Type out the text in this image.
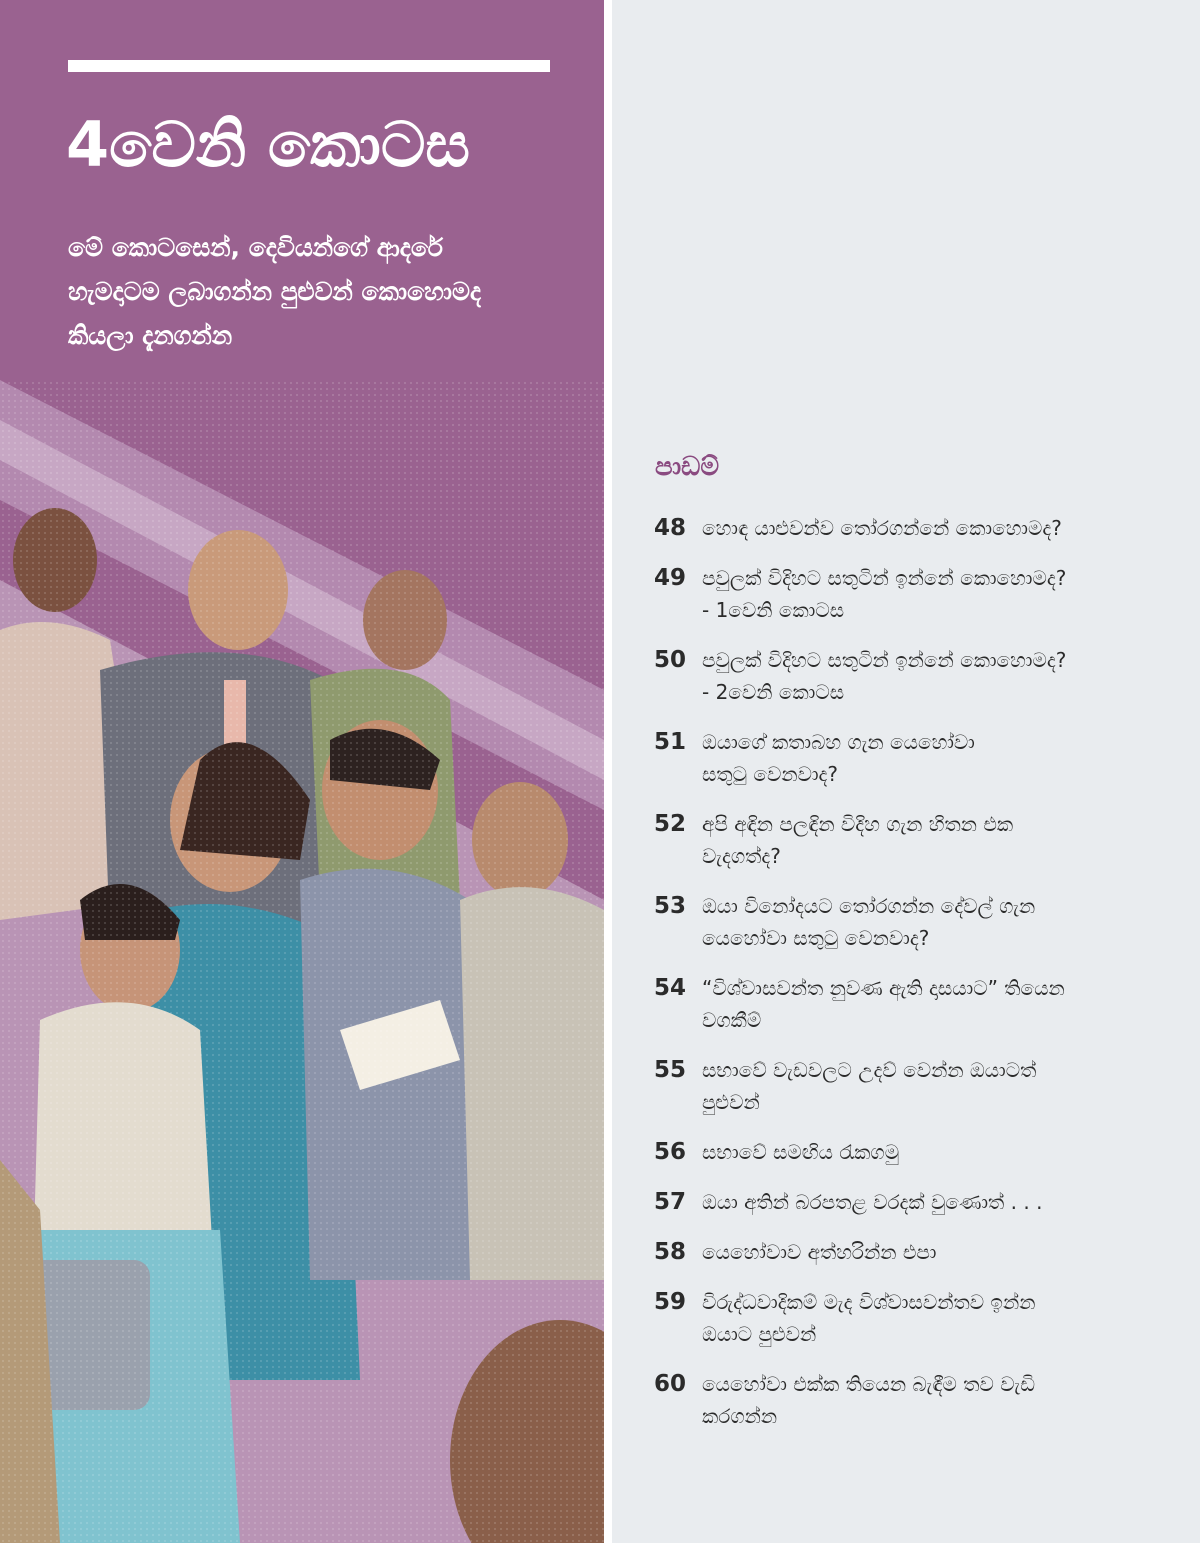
4වෙනි කොටස

මේ කොටසෙන්, දෙවියන්ගේ ආදරේ හැමදාටම ලබාගන්න පුළුවන් කොහොමද කියලා දැනගන්න

පාඩම්
48 හොඳ යාළුවන්ව තෝරගන්නේ කොහොමද?
49 පවුලක් විදිහට සතුටින් ඉන්නේ කොහොමද?
- 1වෙනි කොටස
50 පවුලක් විදිහට සතුටින් ඉන්නේ කොහොමද?
- 2වෙනි කොටස
51 ඔයාගේ කතාබහ ගැන යෙහෝවා
සතුටු වෙනවාද?
52 අපි අඳින පලඳින විදිහ ගැන හිතන එක
වැදගත්ද?
53 ඔයා විනෝදයට තෝරගන්න දේවල් ගැන
යෙහෝවා සතුටු වෙනවාද?
54 “විශ්වාසවන්ත නුවණ ඇති දාසයාට” තියෙන
වගකීම්
55 සභාවේ වැඩවලට උදව් වෙන්න ඔයාටත්
පුළුවන්
56 සභාවේ සමඟිය රැකගමු
57 ඔයා අතින් බරපතළ වරදක් වුණොත් . . .
58 යෙහෝවාව අත්හරින්න එපා
59 විරුද්ධවාදිකම් මැද විශ්වාසවන්තව ඉන්න
ඔයාට පුළුවන්
60 යෙහෝවා එක්ක තියෙන බැඳීම තව වැඩි
කරගන්න
